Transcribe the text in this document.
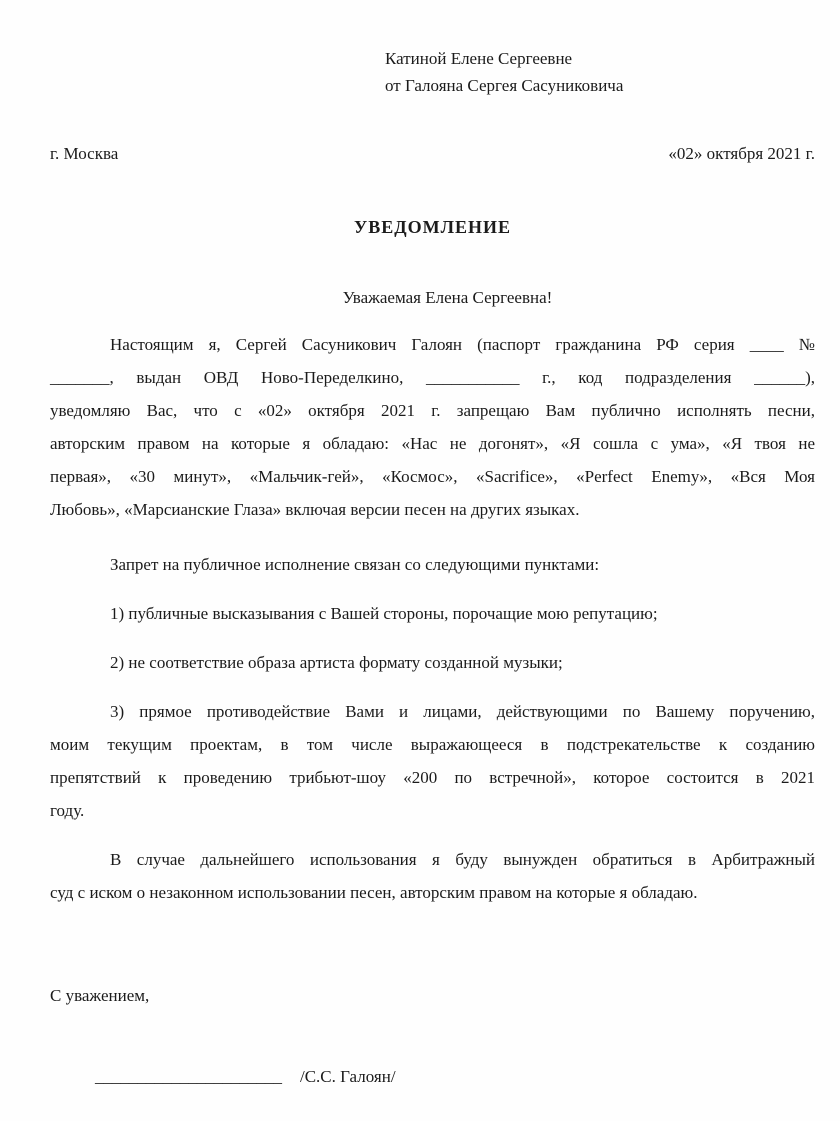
Катиной Елене Сергеевне
от Галояна Сергея Сасуниковича
г. Москва	«02» октября 2021 г.
УВЕДОМЛЕНИЕ
Уважаемая Елена Сергеевна!
Настоящим я, Сергей Сасуникович Галоян (паспорт гражданина РФ серия ____ №
_______, выдан ОВД Ново-Переделкино, ___________ г., код подразделения ______),
уведомляю Вас, что с «02» октября 2021 г. запрещаю Вам публично исполнять песни,
авторским правом на которые я обладаю: «Нас не догонят», «Я сошла с ума», «Я твоя не
первая», «30 минут», «Мальчик-гей», «Космос», «Sacrifice», «Perfect Enemy», «Вся Моя
Любовь», «Марсианские Глаза» включая версии песен на других языках.
Запрет на публичное исполнение связан со следующими пунктами:
1) публичные высказывания с Вашей стороны, порочащие мою репутацию;
2) не соответствие образа артиста формату созданной музыки;
3) прямое противодействие Вами и лицами, действующими по Вашему поручению,
моим текущим проектам, в том числе выражающееся в подстрекательстве к созданию
препятствий к проведению трибьют-шоу «200 по встречной», которое состоится в 2021
году.
В случае дальнейшего использования я буду вынужден обратиться в Арбитражный
суд с иском о незаконном использовании песен, авторским правом на которые я обладаю.
С уважением,
______________________ /С.С. Галоян/
